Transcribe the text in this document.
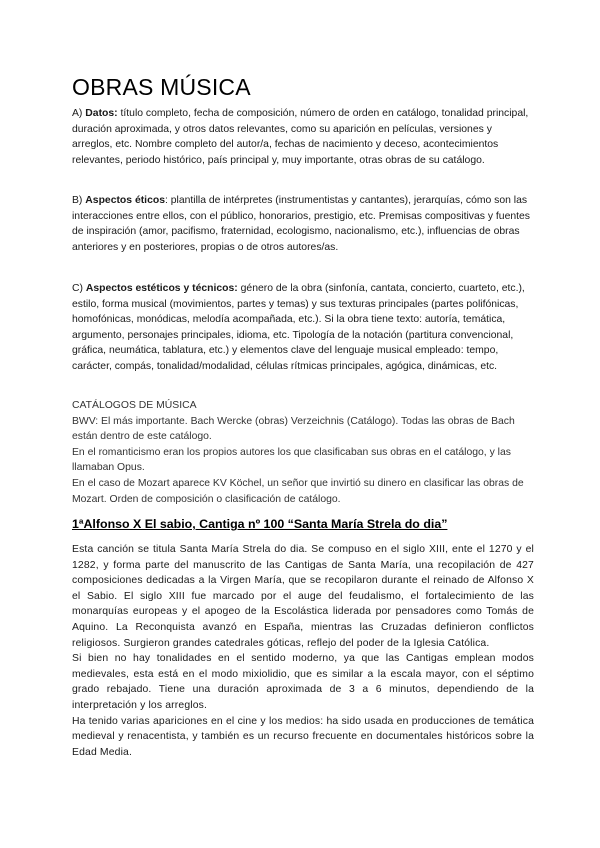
OBRAS MÚSICA

A) Datos: título completo, fecha de composición, número de orden en catálogo, tonalidad principal, duración aproximada, y otros datos relevantes, como su aparición en películas, versiones y arreglos, etc. Nombre completo del autor/a, fechas de nacimiento y deceso, acontecimientos relevantes, periodo histórico, país principal y, muy importante, otras obras de su catálogo.

B) Aspectos éticos: plantilla de intérpretes (instrumentistas y cantantes), jerarquías, cómo son las interacciones entre ellos, con el público, honorarios, prestigio, etc. Premisas compositivas y fuentes de inspiración (amor, pacifismo, fraternidad, ecologismo, nacionalismo, etc.), influencias de obras anteriores y en posteriores, propias o de otros autores/as.

C) Aspectos estéticos y técnicos: género de la obra (sinfonía, cantata, concierto, cuarteto, etc.), estilo, forma musical (movimientos, partes y temas) y sus texturas principales (partes polifónicas, homofónicas, monódicas, melodía acompañada, etc.). Si la obra tiene texto: autoría, temática, argumento, personajes principales, idioma, etc. Tipología de la notación (partitura convencional, gráfica, neumática, tablatura, etc.) y elementos clave del lenguaje musical empleado: tempo, carácter, compás, tonalidad/modalidad, células rítmicas principales, agógica, dinámicas, etc.

CATÁLOGOS DE MÚSICA
BWV: El más importante. Bach Wercke (obras) Verzeichnis (Catálogo). Todas las obras de Bach están dentro de este catálogo.
En el romanticismo eran los propios autores los que clasificaban sus obras en el catálogo, y las llamaban Opus.
En el caso de Mozart aparece KV Köchel, un señor que invirtió su dinero en clasificar las obras de Mozart. Orden de composición o clasificación de catálogo.
1ªAlfonso X El sabio, Cantiga nº 100 “Santa María Strela do dia”
Esta canción se titula Santa María Strela do dia. Se compuso en el siglo XIII, ente el 1270 y el 1282, y forma parte del manuscrito de las Cantigas de Santa María, una recopilación de 427 composiciones dedicadas a la Virgen María, que se recopilaron durante el reinado de Alfonso X el Sabio. El siglo XIII fue marcado por el auge del feudalismo, el fortalecimiento de las monarquías europeas y el apogeo de la Escolástica liderada por pensadores como Tomás de Aquino. La Reconquista avanzó en España, mientras las Cruzadas definieron conflictos religiosos. Surgieron grandes catedrales góticas, reflejo del poder de la Iglesia Católica.
Si bien no hay tonalidades en el sentido moderno, ya que las Cantigas emplean modos medievales, esta está en el modo mixiolidio, que es similar a la escala mayor, con el séptimo grado rebajado. Tiene una duración aproximada de 3 a 6 minutos, dependiendo de la interpretación y los arreglos.
Ha tenido varias apariciones en el cine y los medios: ha sido usada en producciones de temática medieval y renacentista, y también es un recurso frecuente en documentales históricos sobre la Edad Media.
